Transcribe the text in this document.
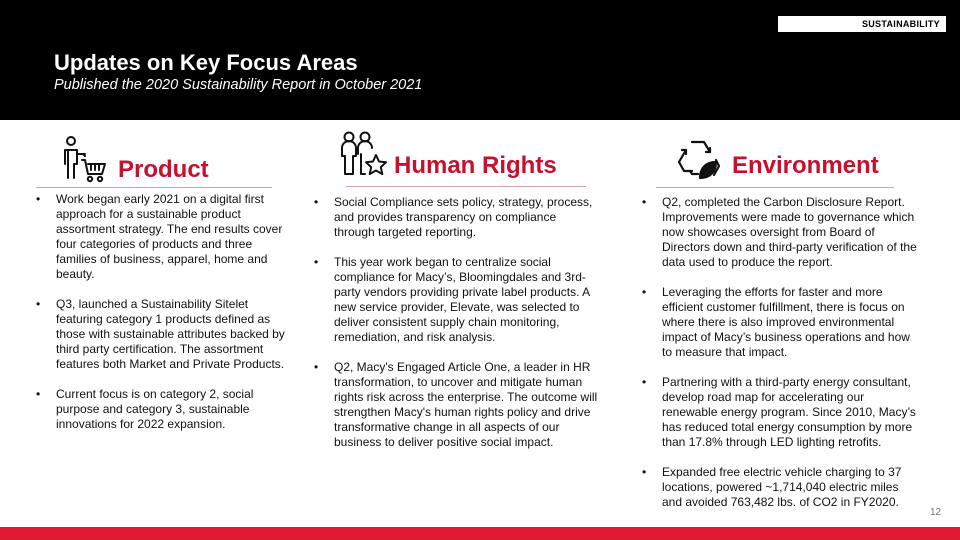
SUSTAINABILITY
Updates on Key Focus Areas
Published the 2020 Sustainability Report in October 2021
Product
• Work began early 2021 on a digital first approach for a sustainable product assortment strategy. The end results cover four categories of products and three families of business, apparel, home and beauty.
• Q3, launched a Sustainability Sitelet featuring category 1 products defined as those with sustainable attributes backed by third party certification. The assortment features both Market and Private Products.
• Current focus is on category 2, social purpose and category 3, sustainable innovations for 2022 expansion.
Human Rights
• Social Compliance sets policy, strategy, process, and provides transparency on compliance through targeted reporting.
• This year work began to centralize social compliance for Macy’s, Bloomingdales and 3rd-party vendors providing private label products. A new service provider, Elevate, was selected to deliver consistent supply chain monitoring, remediation, and risk analysis.
• Q2, Macy's Engaged Article One, a leader in HR transformation, to uncover and mitigate human rights risk across the enterprise. The outcome will strengthen Macy's human rights policy and drive transformative change in all aspects of our business to deliver positive social impact.
Environment
• Q2, completed the Carbon Disclosure Report. Improvements were made to governance which now showcases oversight from Board of Directors down and third-party verification of the data used to produce the report.
• Leveraging the efforts for faster and more efficient customer fulfillment, there is focus on where there is also improved environmental impact of Macy’s business operations and how to measure that impact.
• Partnering with a third-party energy consultant, develop road map for accelerating our renewable energy program. Since 2010, Macy’s has reduced total energy consumption by more than 17.8% through LED lighting retrofits.
• Expanded free electric vehicle charging to 37 locations, powered ~1,714,040 electric miles and avoided 763,482 lbs. of CO2 in FY2020.
12
